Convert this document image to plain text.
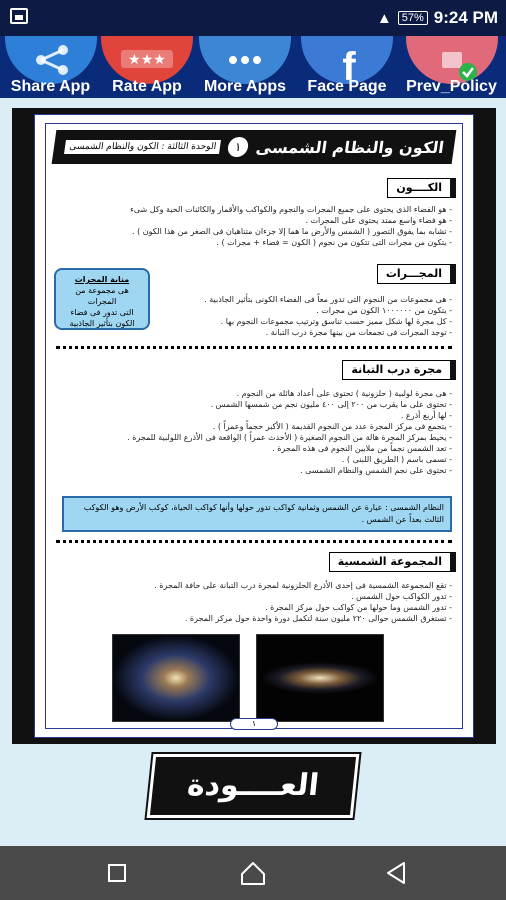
▲ 57% 9:24 PM
Share App
★★★
Rate App	More Apps f
Face Page	Prev_Policy
الكون والنظام الشمسى
١
الوحدة الثالثة : الكون والنظام الشمسى
الكــــون
- هو الفضاء الذى يحتوى على جميع المجرات والنجوم والكواكب والأقمار والكائنات الحية وكل شىء
- هو فضاء واسع ممتد يحتوى على المجرات .
- تشابه بما يفوق التصور ( الشمس والأرض ما هما إلا جزءان متناهيان فى الصغر من هذا الكون ) .
- يتكون من مجرات التى تتكون من نجوم ( الكون = فضاء + مجرات ) .
المجـــرات
- هى مجموعات من النجوم التى تدور معاً فى الفضاء الكونى بتأثير الجاذبية .
- يتكون من ١٠٠٠٠٠٠ الكون من مجرات .
- كل مجرة لها شكل مميز حسب تناسق وترتيب مجموعات النجوم بها .
- توجد المجرات فى تجمعات من بينها مجرة درب التبانة .
منابة المجرات
هى مجموعة من المجرات
التى تدور فى فضاء
الكون بتأثير الجاذبية
مجرة درب التبانة
- هى مجرة لولبية ( حلزونية ) تحتوى على أعداد هائلة من النجوم .
- تحتوى على ما يقرب من ٢٠٠ إلى ٤٠٠ مليون نجم من شمسها الشمس .
- لها أربع أذرع .
- يتجمع فى مركز المجرة عدد من النجوم القديمة ( الأكبر حجماً وعمراً ) .
- يحيط بمركز المجرة هالة من النجوم الصغيرة ( الأحدث عمراً ) الواقعة فى الأذرع اللولبية للمجرة .
- تعد الشمس نجماً من ملايين النجوم فى هذه المجرة .
- تسمى باسم ( الطريق اللبنى ) .
- تحتوى على نجم الشمس والنظام الشمسى .
النظام الشمسى : عبارة عن الشمس وثمانية كواكب تدور حولها وأنها كواكب الحياة، كوكب الأرض وهو الكوكب الثالث بعداً عن الشمس .
المجموعة الشمسية
- تقع المجموعة الشمسية فى إحدى الأذرع الحلزونية لمجرة درب التبانة على حافة المجرة .
- تدور الكواكب حول الشمس .
- تدور الشمس وما حولها من كواكب حول مركز المجرة .
- تستغرق الشمس حوالى ٢٢٠ مليون سنة لتكمل دورة واحدة حول مركز المجرة .
١
العــــودة
